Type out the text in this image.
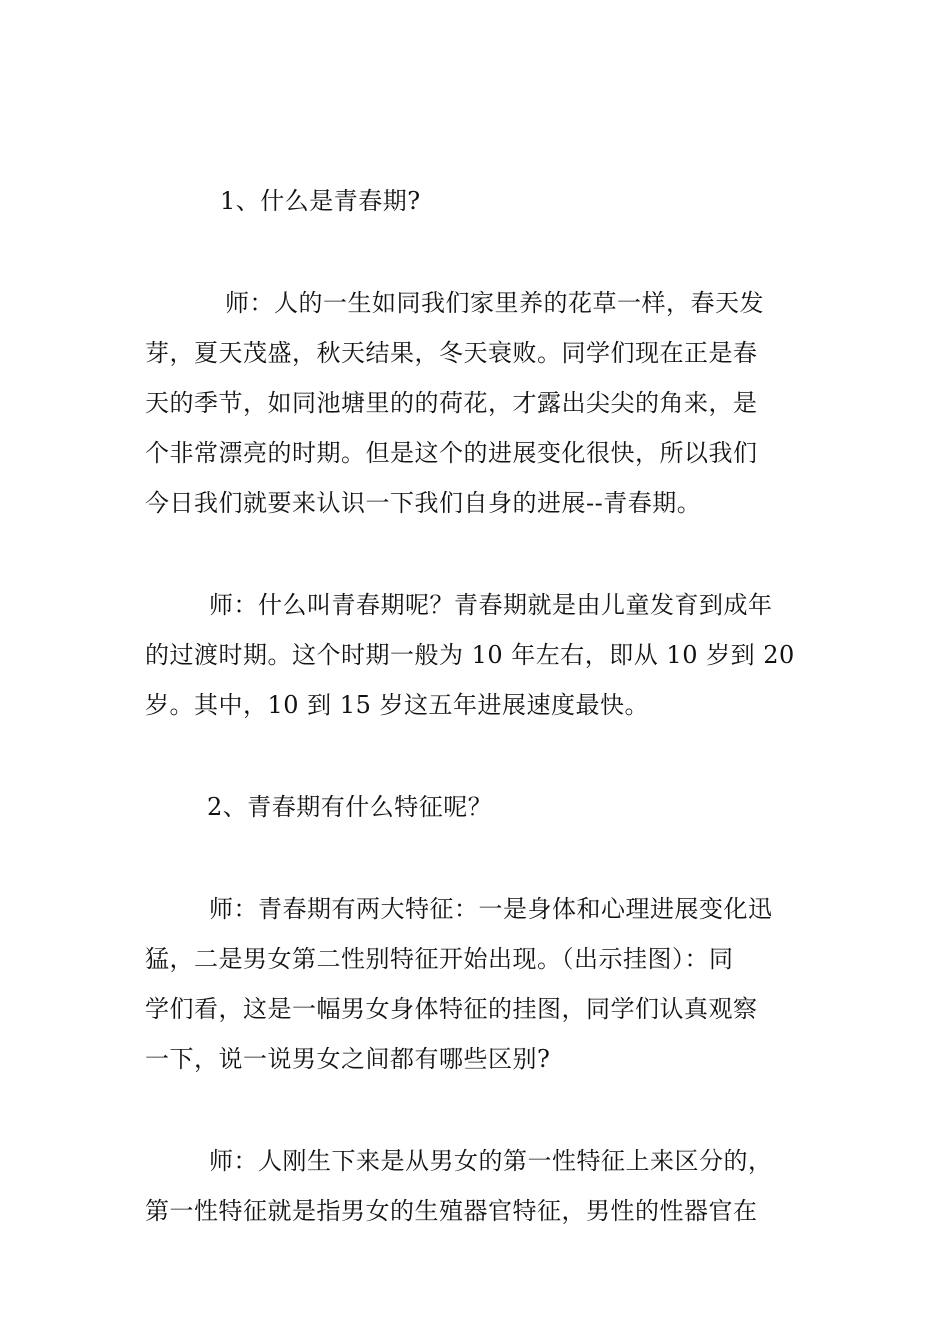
1、什么是青春期?
师：人的一生如同我们家里养的花草一样，春天发
芽，夏天茂盛，秋天结果，冬天衰败。同学们现在正是春
天的季节，如同池塘里的的荷花，才露出尖尖的角来，是
个非常漂亮的时期。但是这个的进展变化很快，所以我们
今日我们就要来认识一下我们自身的进展--青春期。
师：什么叫青春期呢？青春期就是由儿童发育到成年
的过渡时期。这个时期一般为 10 年左右，即从 10 岁到 20
岁。其中，10 到 15 岁这五年进展速度最快。
2、青春期有什么特征呢？
师：青春期有两大特征：一是身体和心理进展变化迅
猛，二是男女第二性别特征开始出现。（出示挂图）：同
学们看，这是一幅男女身体特征的挂图，同学们认真观察
一下，说一说男女之间都有哪些区别?
师：人刚生下来是从男女的第一性特征上来区分的，
第一性特征就是指男女的生殖器官特征，男性的性器官在
